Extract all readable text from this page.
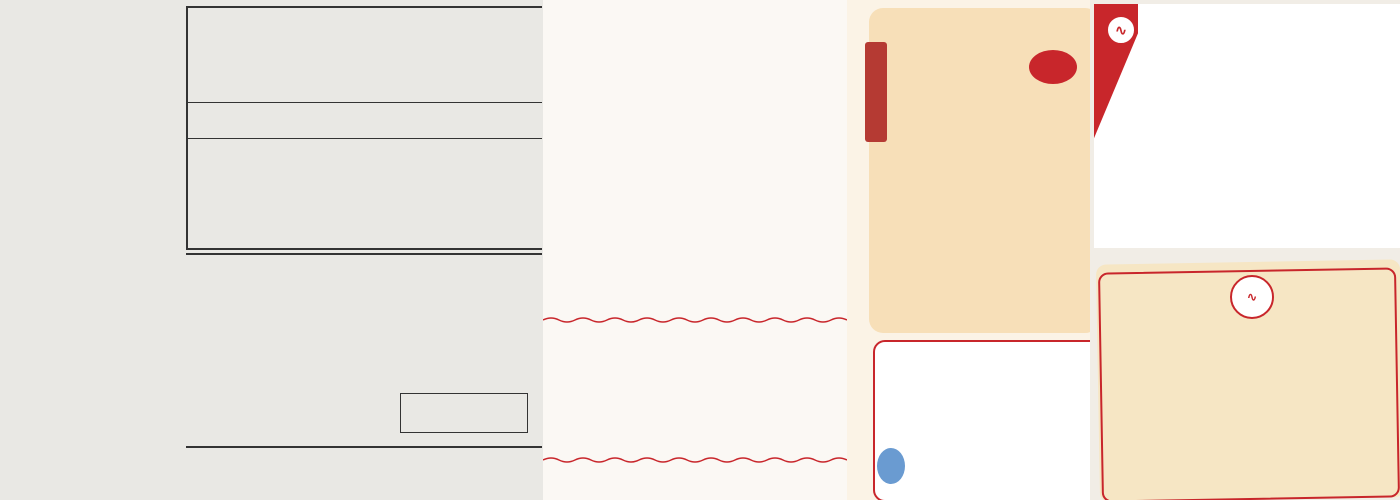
∿
∿
